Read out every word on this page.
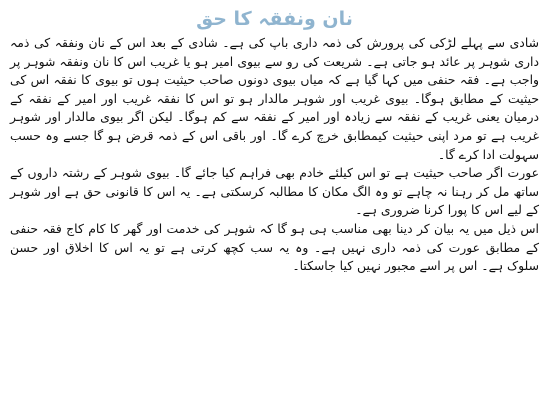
نان ونفقہ کا حق

شادی سے پہلے لڑکی کی پرورش کی ذمہ داری باپ کی ہے۔ شادی کے بعد اس کے نان ونفقہ کی ذمہ داری شوہر پر عائد ہو جاتی ہے۔ شریعت کی رو سے بیوی امیر ہو یا غریب اس کا نان ونفقہ شوہر پر واجب ہے۔ فقہ حنفی میں کہا گیا ہے کہ میاں بیوی دونوں صاحب حیثیت ہوں تو بیوی کا نفقہ اس کی حیثیت کے مطابق ہوگا۔ بیوی غریب اور شوہر مالدار ہو تو اس کا نفقہ غریب اور امیر کے نفقہ کے درمیان یعنی غریب کے نفقہ سے زیادہ اور امیر کے نفقہ سے کم ہوگا۔ لیکن اگر بیوی مالدار اور شوہر غریب ہے تو مرد اپنی حیثیت کیمطابق خرچ کرے گا۔ اور باقی اس کے ذمہ قرض ہو گا جسے وہ حسب سہولت ادا کرے گا۔

عورت اگر صاحب حیثیت ہے تو اس کیلئے خادم بھی فراہم کیا جائے گا۔ بیوی شوہر کے رشتہ داروں کے ساتھ مل کر رہنا نہ چاہے تو وہ الگ مکان کا مطالبہ کرسکتی ہے۔ یہ اس کا قانونی حق ہے اور شوہر کے لیے اس کا پورا کرنا ضروری ہے۔

اس ذیل میں یہ بیان کر دینا بھی مناسب ہی ہو گا کہ شوہر کی خدمت اور گھر کا کام کاج فقہ حنفی کے مطابق عورت کی ذمہ داری نہیں ہے۔ وہ یہ سب کچھ کرتی ہے تو یہ اس کا اخلاق اور حسن سلوک ہے۔ اس پر اسے مجبور نہیں کیا جاسکتا۔
